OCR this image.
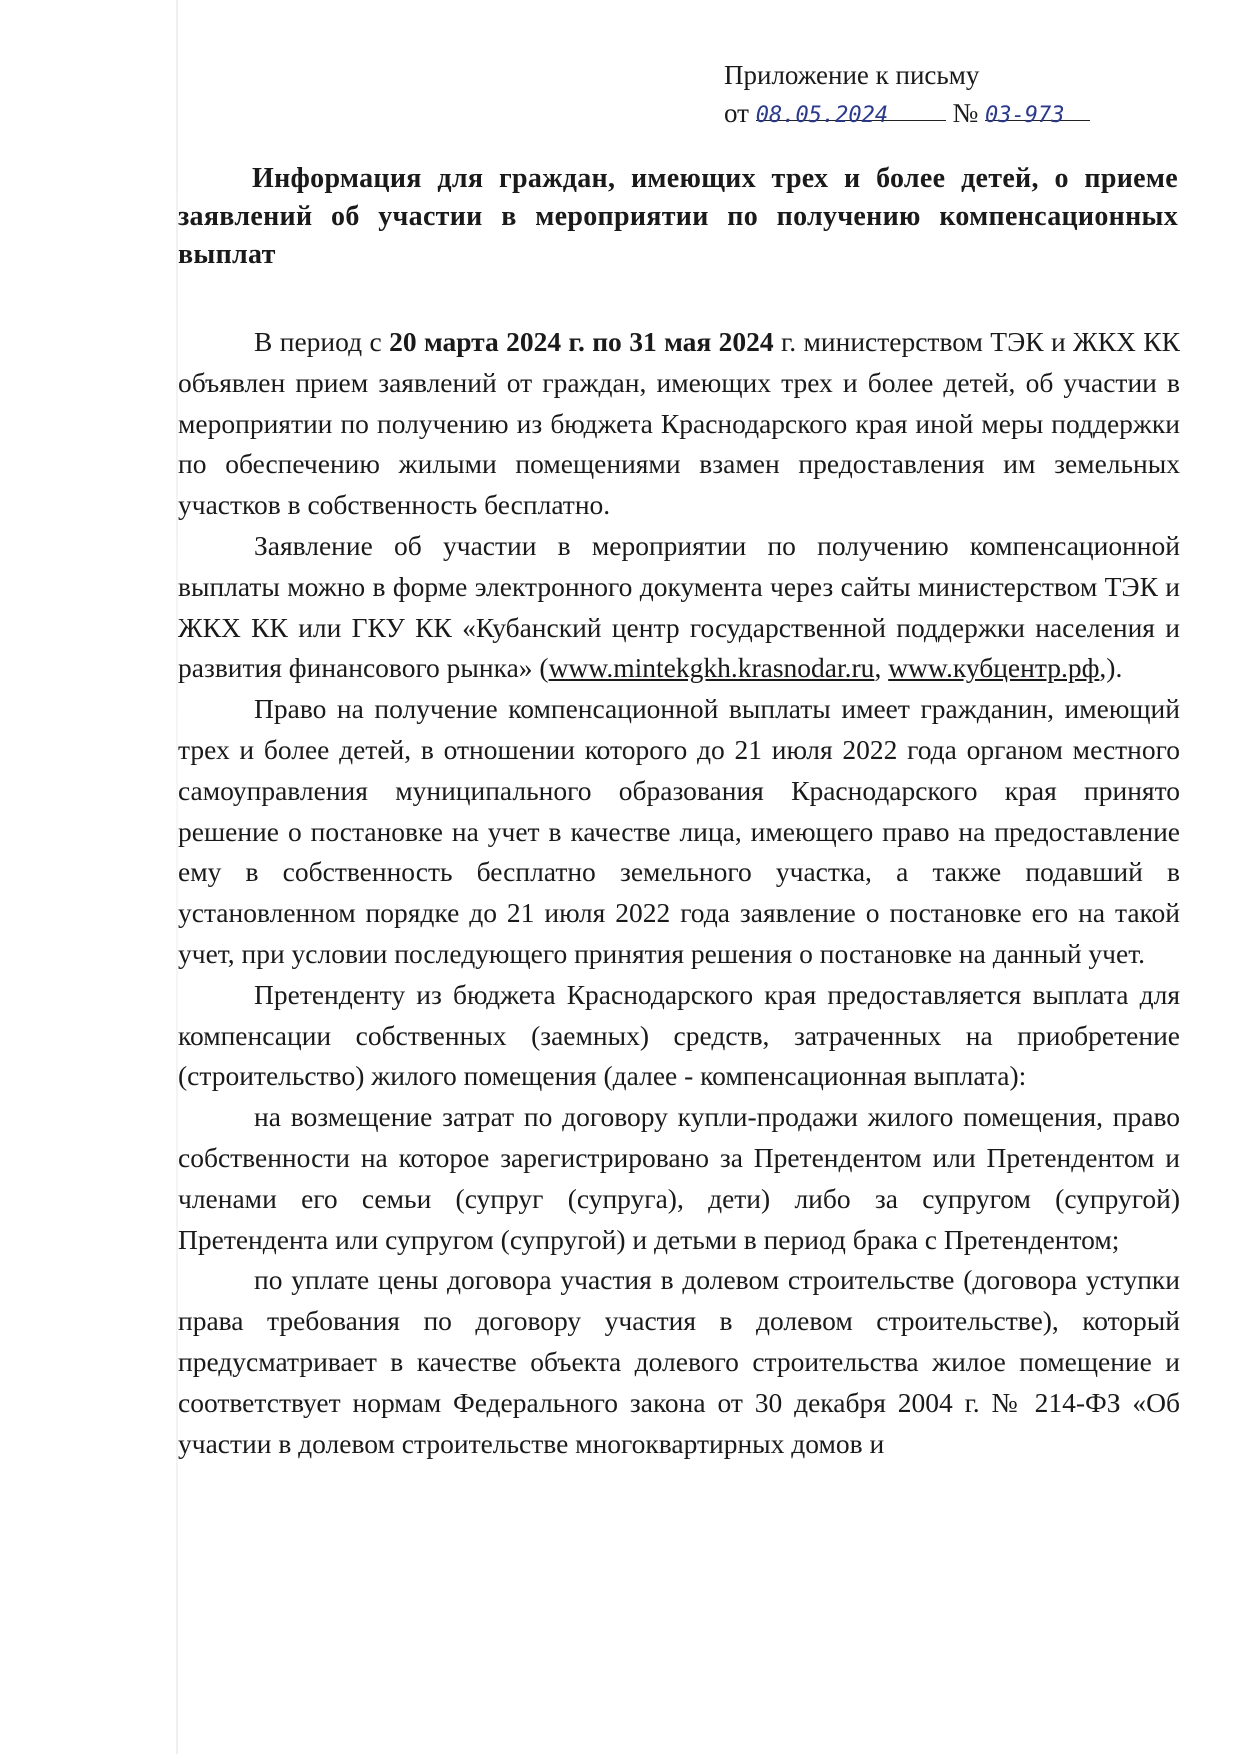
Приложение к письму
от 08.05.2024 № 03-973
Информация для граждан, имеющих трех и более детей, о приеме заявлений об участии в мероприятии по получению компенсационных выплат

В период с 20 марта 2024 г. по 31 мая 2024 г. министерством ТЭК и ЖКХ КК объявлен прием заявлений от граждан, имеющих трех и более детей, об участии в мероприятии по получению из бюджета Краснодарского края иной меры поддержки по обеспечению жилыми помещениями взамен предоставления им земельных участков в собственность бесплатно.

Заявление об участии в мероприятии по получению компенсационной выплаты можно в форме электронного документа через сайты министерством ТЭК и ЖКХ КК или ГКУ КК «Кубанский центр государственной поддержки населения и развития финансового рынка» (www.mintekgkh.krasnodar.ru, www.кубцентр.рф,).

Право на получение компенсационной выплаты имеет гражданин, имеющий трех и более детей, в отношении которого до 21 июля 2022 года органом местного самоуправления муниципального образования Краснодарского края принято решение о постановке на учет в качестве лица, имеющего право на предоставление ему в собственность бесплатно земельного участка, а также подавший в установленном порядке до 21 июля 2022 года заявление о постановке его на такой учет, при условии последующего принятия решения о постановке на данный учет.

Претенденту из бюджета Краснодарского края предоставляется выплата для компенсации собственных (заемных) средств, затраченных на приобретение (строительство) жилого помещения (далее - компенсационная выплата):

на возмещение затрат по договору купли-продажи жилого помещения, право собственности на которое зарегистрировано за Претендентом или Претендентом и членами его семьи (супруг (супруга), дети) либо за супругом (супругой) Претендента или супругом (супругой) и детьми в период брака с Претендентом;

по уплате цены договора участия в долевом строительстве (договора уступки права требования по договору участия в долевом строительстве), который предусматривает в качестве объекта долевого строительства жилое помещение и соответствует нормам Федерального закона от 30 декабря 2004 г. № 214-ФЗ «Об участии в долевом строительстве многоквартирных домов и
